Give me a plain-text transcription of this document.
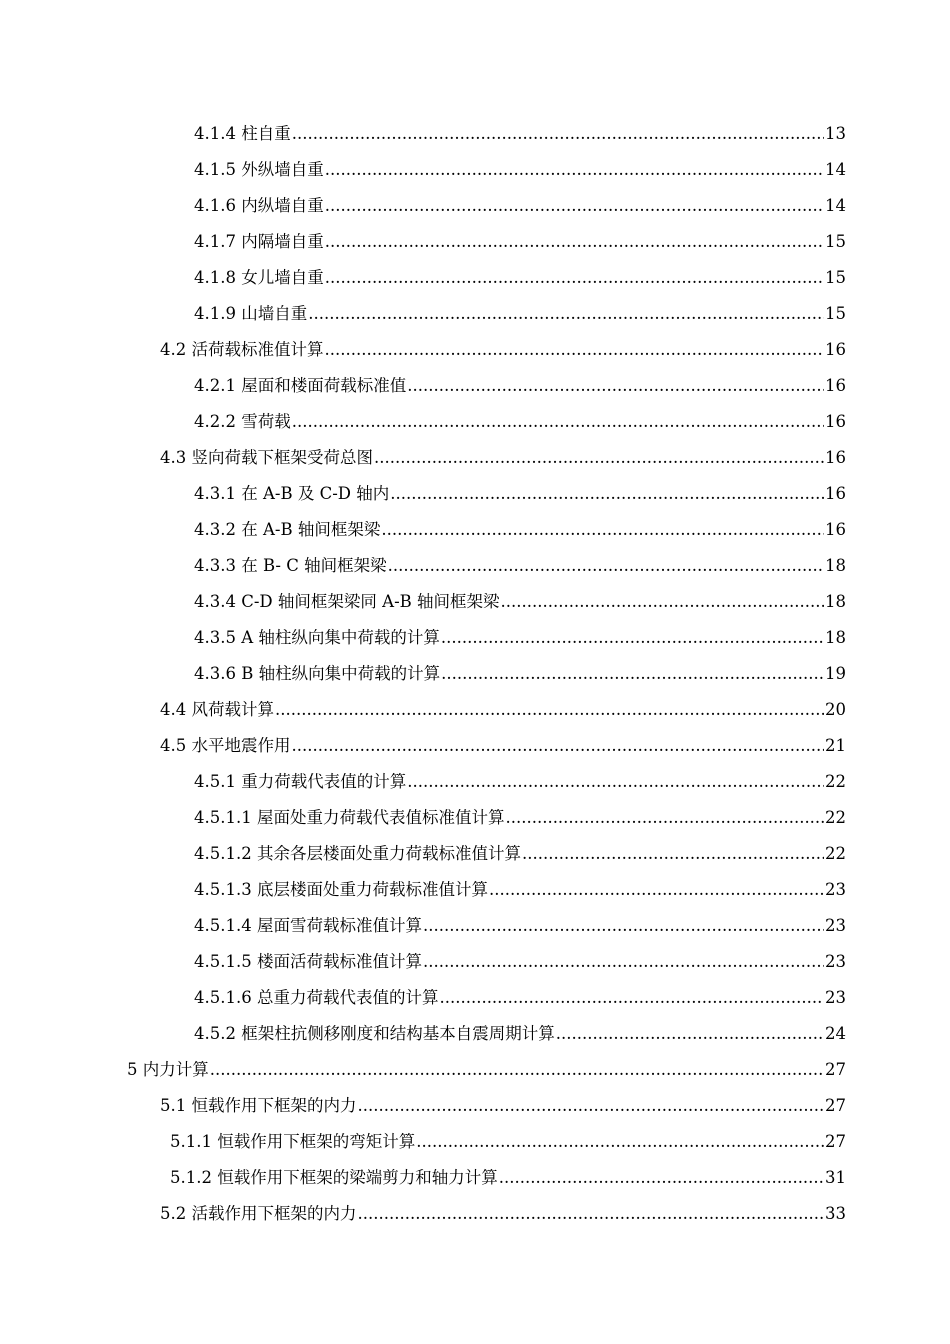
4.1.4 柱自重 .....	13
4.1.5 外纵墙自重 .....	14
4.1.6 内纵墙自重 .....	14
4.1.7 内隔墙自重 .....	15
4.1.8 女儿墙自重 .....	15
4.1.9 山墙自重 .....	15
4.2 活荷载标准值计算 .....	16
4.2.1 屋面和楼面荷载标准值 .....	16
4.2.2 雪荷载 .....	16
4.3 竖向荷载下框架受荷总图 .....	16
4.3.1 在 A-B 及 C-D 轴内 .....	16
4.3.2 在 A-B 轴间框架梁 .....	16
4.3.3 在 B- C 轴间框架梁 .....	18
4.3.4 C-D 轴间框架梁同 A-B 轴间框架梁 .....	18
4.3.5 A 轴柱纵向集中荷载的计算 .....	18
4.3.6 B 轴柱纵向集中荷载的计算 .....	19
4.4 风荷载计算 .....	20
4.5 水平地震作用 .....	21
4.5.1 重力荷载代表值的计算 .....	22
4.5.1.1 屋面处重力荷载代表值标准值计算 .....	22
4.5.1.2 其余各层楼面处重力荷载标准值计算 .....	22
4.5.1.3 底层楼面处重力荷载标准值计算 .....	23
4.5.1.4 屋面雪荷载标准值计算 .....	23
4.5.1.5 楼面活荷载标准值计算 .....	23
4.5.1.6 总重力荷载代表值的计算 .....	23
4.5.2 框架柱抗侧移刚度和结构基本自震周期计算 .....	24
5 内力计算 .....	27
5.1 恒载作用下框架的内力 .....	27
5.1.1 恒载作用下框架的弯矩计算 .....	27
5.1.2 恒载作用下框架的梁端剪力和轴力计算 .....	31
5.2 活载作用下框架的内力 .....	33
